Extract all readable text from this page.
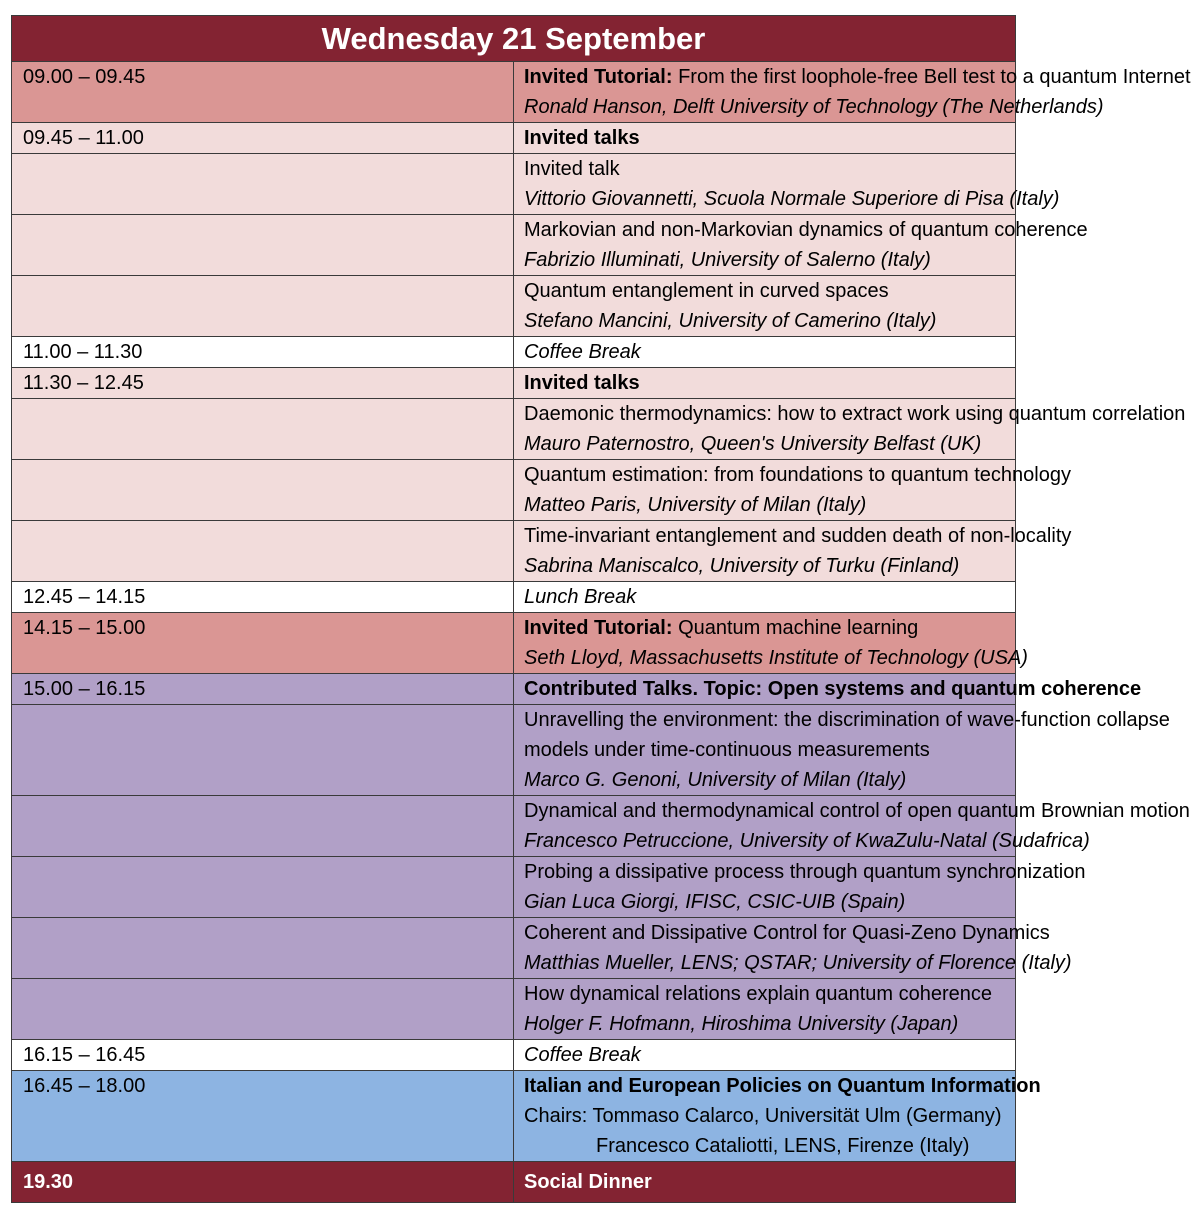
Wednesday 21 September	

09.00 – 09.45	Invited Tutorial: From the first loophole-free Bell test to a quantum Internet
Ronald Hanson, Delft University of Technology (The Netherlands)

09.45 – 11.00	Invited talks

	Invited talk
Vittorio Giovannetti, Scuola Normale Superiore di Pisa (Italy)

	Markovian and non-Markovian dynamics of quantum coherence
Fabrizio Illuminati, University of Salerno (Italy)

	Quantum entanglement in curved spaces
Stefano Mancini, University of Camerino (Italy)

11.00 – 11.30	Coffee Break

11.30 – 12.45	Invited talks

	Daemonic thermodynamics: how to extract work using quantum correlation
Mauro Paternostro, Queen's University Belfast (UK)

	Quantum estimation: from foundations to quantum technology
Matteo Paris, University of Milan (Italy)

	Time-invariant entanglement and sudden death of non-locality
Sabrina Maniscalco, University of Turku (Finland)

12.45 – 14.15	Lunch Break

14.15 – 15.00	Invited Tutorial: Quantum machine learning
Seth Lloyd, Massachusetts Institute of Technology (USA)

15.00 – 16.15	Contributed Talks. Topic: Open systems and quantum coherence

	Unravelling the environment: the discrimination of wave-function collapse
models under time-continuous measurements
Marco G. Genoni, University of Milan (Italy)

	Dynamical and thermodynamical control of open quantum Brownian motion
Francesco Petruccione, University of KwaZulu-Natal (Sudafrica)

	Probing a dissipative process through quantum synchronization
Gian Luca Giorgi, IFISC, CSIC-UIB (Spain)

	Coherent and Dissipative Control for Quasi-Zeno Dynamics
Matthias Mueller, LENS; QSTAR; University of Florence (Italy)

	How dynamical relations explain quantum coherence
Holger F. Hofmann, Hiroshima University (Japan)

16.15 – 16.45	Coffee Break

16.45 – 18.00	Italian and European Policies on Quantum Information
Chairs: Tommaso Calarco, Universität Ulm (Germany)
Francesco Cataliotti, LENS, Firenze (Italy)

19.30	Social Dinner
